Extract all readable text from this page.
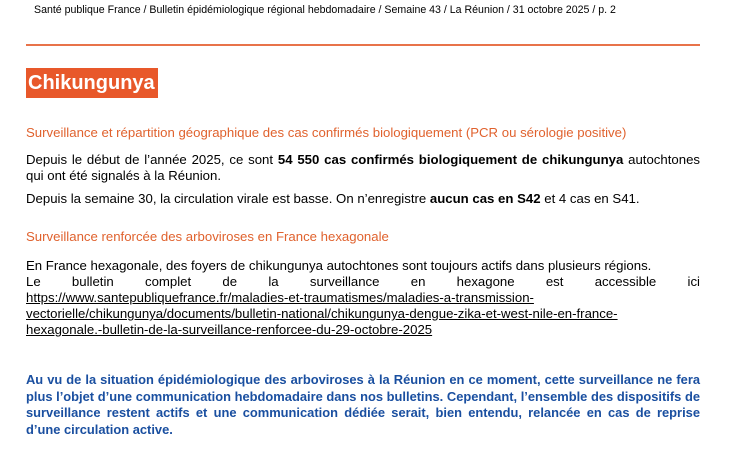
Santé publique France / Bulletin épidémiologique régional hebdomadaire / Semaine 43 / La Réunion / 31 octobre 2025 / p. 2
Chikungunya
Surveillance et répartition géographique des cas confirmés biologiquement (PCR ou sérologie positive)
Depuis le début de l’année 2025, ce sont 54 550 cas confirmés biologiquement de chikungunya autochtones qui ont été signalés à la Réunion.
Depuis la semaine 30, la circulation virale est basse. On n’enregistre aucun cas en S42 et 4 cas en S41.
Surveillance renforcée des arboviroses en France hexagonale
En France hexagonale, des foyers de chikungunya autochtones sont toujours actifs dans plusieurs régions.
Le bulletin complet de la surveillance en hexagone est accessible ici
https://www.santepubliquefrance.fr/maladies-et-traumatismes/maladies-a-transmission-
vectorielle/chikungunya/documents/bulletin-national/chikungunya-dengue-zika-et-west-nile-en-france-
hexagonale.-bulletin-de-la-surveillance-renforcee-du-29-octobre-2025
Au vu de la situation épidémiologique des arboviroses à la Réunion en ce moment, cette surveillance ne fera plus l’objet d’une communication hebdomadaire dans nos bulletins. Cependant, l’ensemble des dispositifs de surveillance restent actifs et une communication dédiée serait, bien entendu, relancée en cas de reprise d’une circulation active.
